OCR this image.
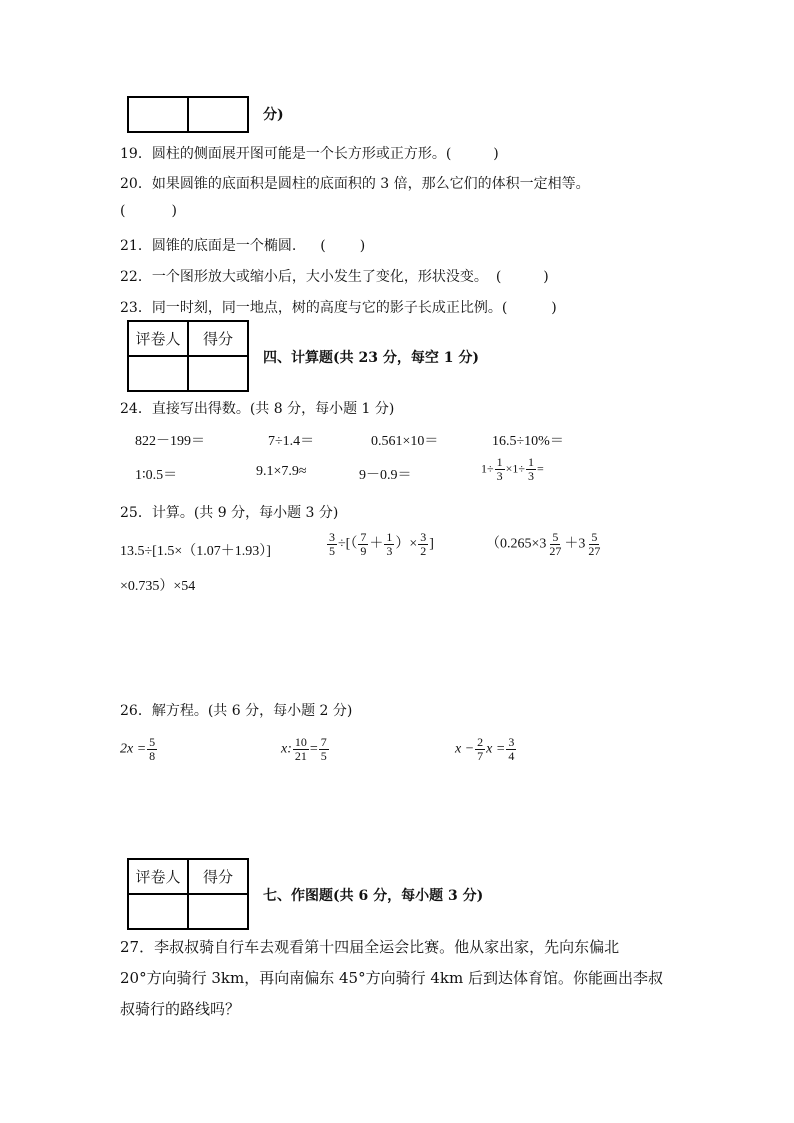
分)
19．圆柱的侧面展开图可能是一个长方形或正方形。(	)
20．如果圆锥的底面积是圆柱的底面积的 3 倍，那么它们的体积一定相等。
(	)
21．圆锥的底面是一个椭圆. ( )
22．一个图形放大或缩小后，大小发生了变化，形状没变。 (	)
23．同一时刻，同一地点，树的高度与它的影子长成正比例。(	)
评卷人	得分

四、计算题(共 23 分，每空 1 分)
24．直接写出得数。(共 8 分，每小题 1 分)
822－199＝	7÷1.4＝	0.561×10＝	16.5÷10%＝
1∶0.5＝	9.1×7.9≈	9－0.9＝	$1\div \frac{1}{3} \times 1\div \frac{1}{3}$ =
25．计算。(共 9 分，每小题 3 分)
13.5÷[1.5×（1.07＋1.93）]	$\frac{3}{5}$ ÷[（ $\frac{7}{9} + \frac{1}{3}$ ）× $\frac{3}{2}$ ]	（$0.265\times 3 \frac{5}{27} +3 \frac{5}{27}$
×0.735）×54
26．解方程。(共 6 分，每小题 2 分)
$2x = \frac{5}{8}$	x: $\frac{10}{21} = \frac{7}{5}$	$x - \frac{2}{7}$ $x = \frac{3}{4}$
评卷人	得分

七、作图题(共 6 分，每小题 3 分)
27．李叔叔骑自行车去观看第十四届全运会比赛。他从家出家，先向东偏北
20°方向骑行 3km，再向南偏东 45°方向骑行 4km 后到达体育馆。你能画出李叔
叔骑行的路线吗？
